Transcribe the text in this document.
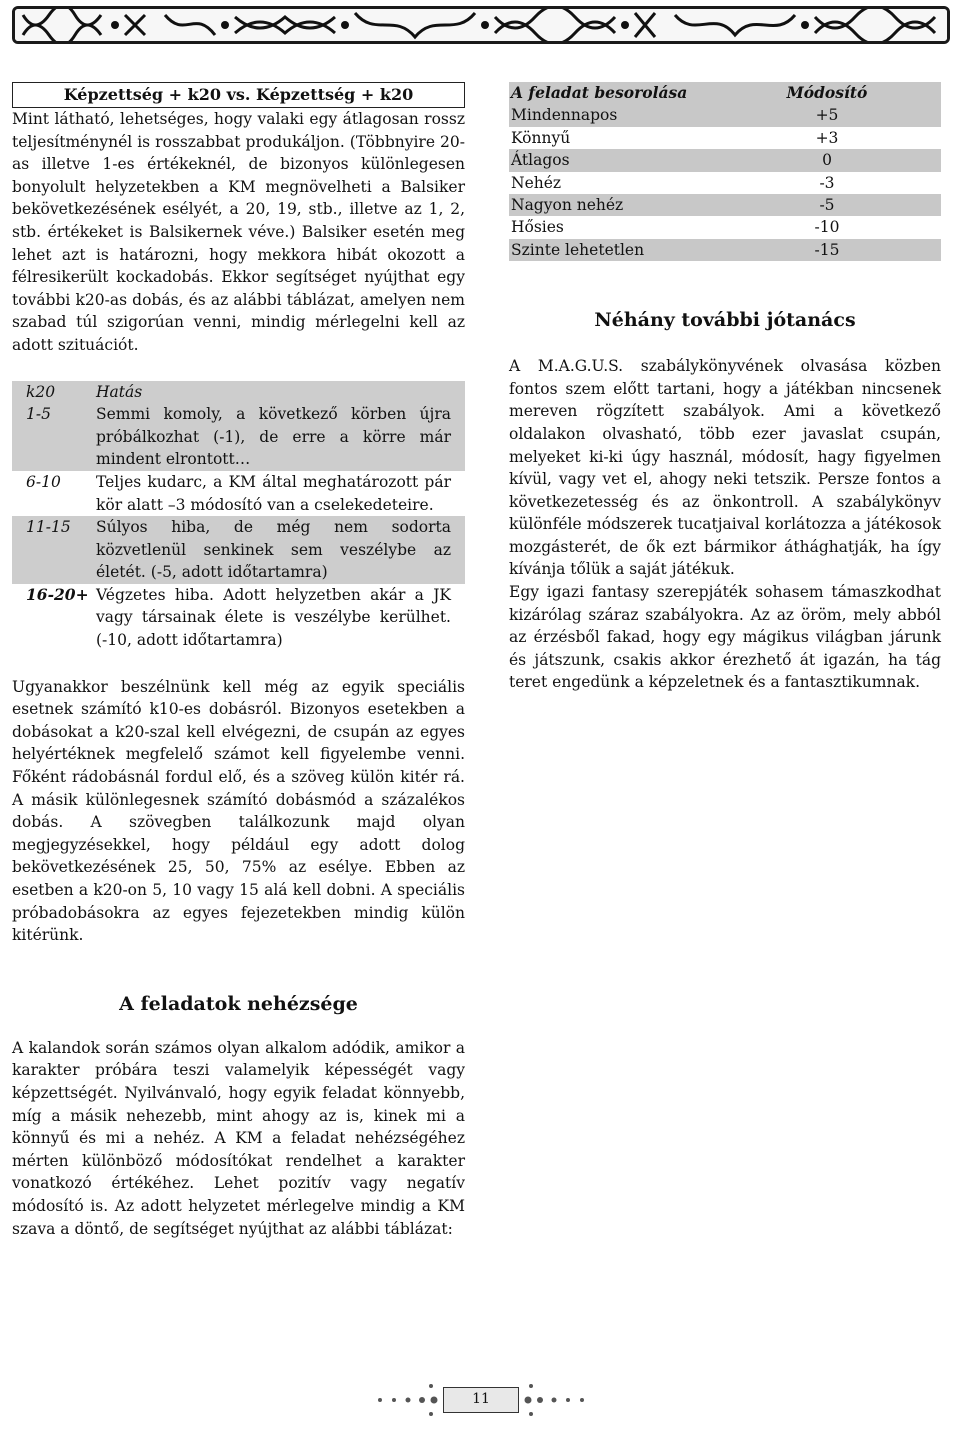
Képzettség + k20 vs. Képzettség + k20

Mint látható, lehetséges, hogy valaki egy átlagosan rossz teljesítménynél is rosszabbat produkáljon. (Többnyire 20-as illetve 1-es értékeknél, de bizonyos különlegesen bonyolult helyzetekben a KM megnövelheti a Balsiker bekövetkezésének esélyét, a 20, 19, stb., illetve az 1, 2, stb. értékeket is Balsikernek véve.) Balsiker esetén meg lehet azt is határozni, hogy mekkora hibát okozott a félresikerült kockadobás. Ekkor segítséget nyújthat egy további k20-as dobás, és az alábbi táblázat, amelyen nem szabad túl szigorúan venni, mindig mérlegelni kell az adott szituációt.

k20	Hatás
1-5	Semmi komoly, a következő körben újra próbálkozhat (-1), de erre a körre már mindent elrontott…
6-10	Teljes kudarc, a KM által meghatározott pár kör alatt –3 módosító van a cselekedeteire.
11-15	Súlyos hiba, de még nem sodorta közvetlenül senkinek sem veszélybe az életét. (-5, adott időtartamra)
16-20+	Végzetes hiba. Adott helyzetben akár a JK vagy társainak élete is veszélybe kerülhet. (-10, adott időtartamra)

Ugyanakkor beszélnünk kell még az egyik speciális esetnek számító k10-es dobásról. Bizonyos esetekben a dobásokat a k20-szal kell elvégezni, de csupán az egyes helyértéknek megfelelő számot kell figyelembe venni. Főként rádobásnál fordul elő, és a szöveg külön kitér rá. A másik különlegesnek számító dobásmód a százalékos dobás. A szövegben találkozunk majd olyan megjegyzésekkel, hogy például egy adott dolog bekövetkezésének 25, 50, 75% az esélye. Ebben az esetben a k20-on 5, 10 vagy 15 alá kell dobni. A speciális próbadobásokra az egyes fejezetekben mindig külön kitérünk.

A feladatok nehézsége

A kalandok során számos olyan alkalom adódik, amikor a karakter próbára teszi valamelyik képességét vagy képzettségét. Nyilvánvaló, hogy egyik feladat könnyebb, míg a másik nehezebb, mint ahogy az is, kinek mi a könnyű és mi a nehéz. A KM a feladat nehézségéhez mérten különböző módosítókat rendelhet a karakter vonatkozó értékéhez. Lehet pozitív vagy negatív módosító is. Az adott helyzetet mérlegelve mindig a KM szava a döntő, de segítséget nyújthat az alábbi táblázat:

A feladat besorolása	Módosító
Mindennapos	+5
Könnyű	+3
Átlagos	0
Nehéz	-3
Nagyon nehéz	-5
Hősies	-10
Szinte lehetetlen	-15
Néhány további jótanács

A M.A.G.U.S. szabálykönyvének olvasása közben fontos szem előtt tartani, hogy a játékban nincsenek mereven rögzített szabályok. Ami a következő oldalakon olvasható, több ezer javaslat csupán, melyeket ki-ki úgy használ, módosít, hagy figyelmen kívül, vagy vet el, ahogy neki tetszik. Persze fontos a következetesség és az önkontroll. A szabálykönyv különféle módszerek tucatjaival korlátozza a játékosok mozgásterét, de ők ezt bármikor áthághatják, ha így kívánja tőlük a saját játékuk.

Egy igazi fantasy szerepjáték sohasem támaszkodhat kizárólag száraz szabályokra. Az az öröm, mely abból az érzésből fakad, hogy egy mágikus világban járunk és játszunk, csakis akkor érezhető át igazán, ha tág teret engedünk a képzeletnek és a fantasztikumnak.

11
